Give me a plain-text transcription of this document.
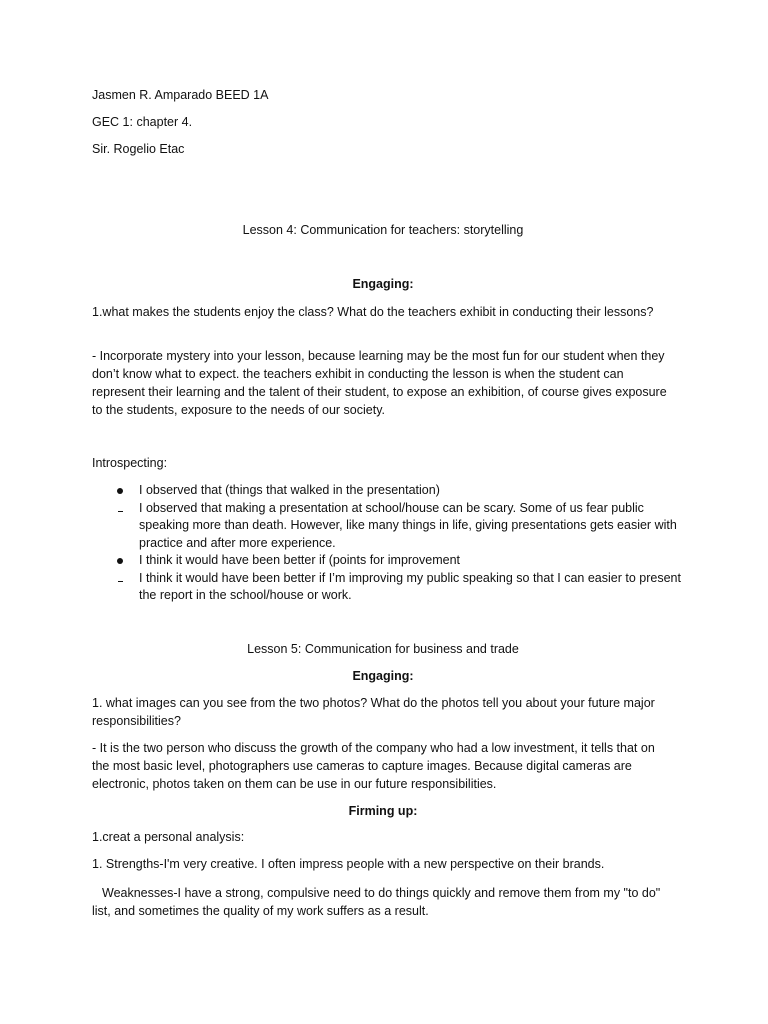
Jasmen R. Amparado BEED 1A
GEC 1: chapter 4.
Sir. Rogelio Etac
Lesson 4: Communication for teachers: storytelling
Engaging:
1.what makes the students enjoy the class? What do the teachers exhibit in conducting their lessons?
- Incorporate mystery into your lesson, because learning may be the most fun for our student when they don’t know what to expect. the teachers exhibit in conducting the lesson is when the student can represent their learning and the talent of their student, to expose an exhibition, of course gives exposure to the students, exposure to the needs of our society.
Introspecting:
I observed that (things that walked in the presentation)
I observed that making a presentation at school/house can be scary. Some of us fear public speaking more than death. However, like many things in life, giving presentations gets easier with practice and after more experience.
I think it would have been better if (points for improvement
I think it would have been better if I’m improving my public speaking so that I can easier to present the report in the school/house or work.
Lesson 5: Communication for business and trade
Engaging:
1. what images can you see from the two photos? What do the photos tell you about your future major responsibilities?
- It is the two person who discuss the growth of the company who had a low investment, it tells that on the most basic level, photographers use cameras to capture images. Because digital cameras are electronic, photos taken on them can be use in our future responsibilities.
Firming up:
1.creat a personal analysis:
1. Strengths-I'm very creative. I often impress people with a new perspective on their brands.
Weaknesses-I have a strong, compulsive need to do things quickly and remove them from my "to do" list, and sometimes the quality of my work suffers as a result.
